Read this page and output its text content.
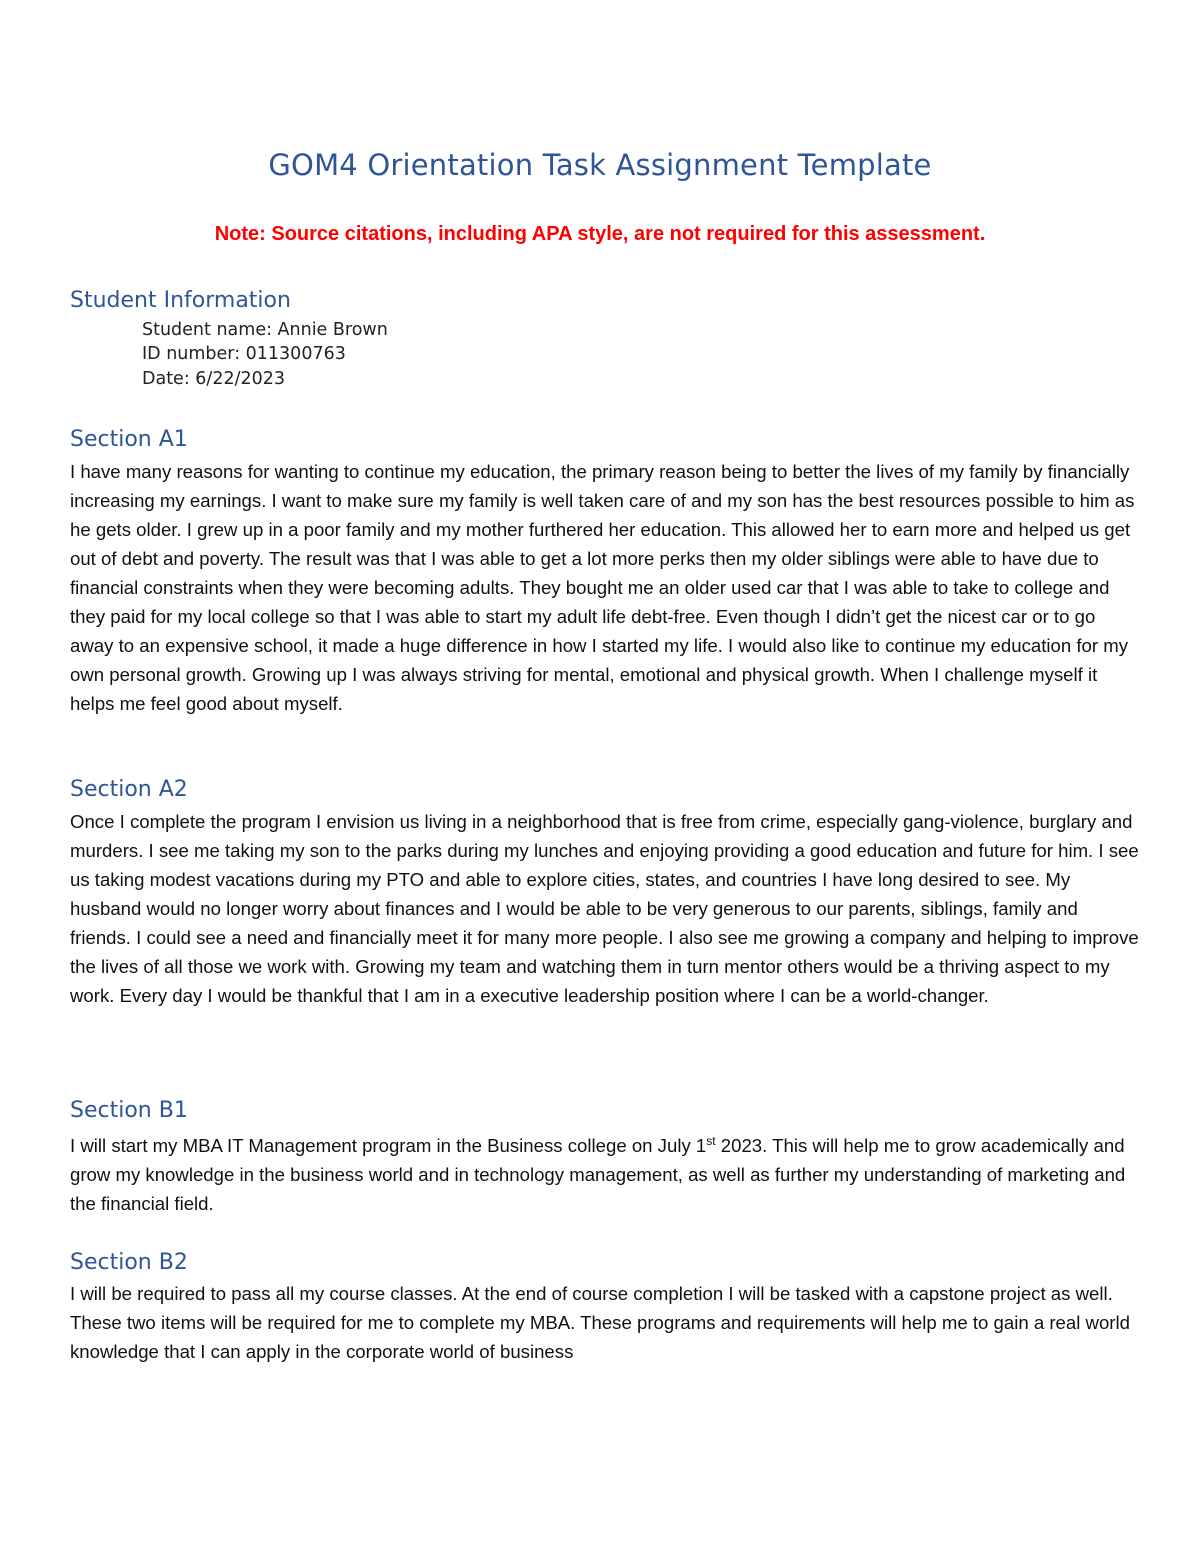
GOM4 Orientation Task Assignment Template

Note: Source citations, including APA style, are not required for this assessment.

Student Information
Student name: Annie Brown
ID number: 011300763
Date: 6/22/2023
Section A1

I have many reasons for wanting to continue my education, the primary reason being to better the lives of my family by financially increasing my earnings. I want to make sure my family is well taken care of and my son has the best resources possible to him as he gets older. I grew up in a poor family and my mother furthered her education. This allowed her to earn more and helped us get out of debt and poverty. The result was that I was able to get a lot more perks then my older siblings were able to have due to financial constraints when they were becoming adults. They bought me an older used car that I was able to take to college and they paid for my local college so that I was able to start my adult life debt-free. Even though I didn’t get the nicest car or to go away to an expensive school, it made a huge difference in how I started my life. I would also like to continue my education for my own personal growth. Growing up I was always striving for mental, emotional and physical growth. When I challenge myself it helps me feel good about myself.

Section A2

Once I complete the program I envision us living in a neighborhood that is free from crime, especially gang-violence, burglary and murders. I see me taking my son to the parks during my lunches and enjoying providing a good education and future for him. I see us taking modest vacations during my PTO and able to explore cities, states, and countries I have long desired to see. My husband would no longer worry about finances and I would be able to be very generous to our parents, siblings, family and friends. I could see a need and financially meet it for many more people. I also see me growing a company and helping to improve the lives of all those we work with. Growing my team and watching them in turn mentor others would be a thriving aspect to my work. Every day I would be thankful that I am in a executive leadership position where I can be a world-changer.

Section B1

I will start my MBA IT Management program in the Business college on July 1st 2023. This will help me to grow academically and grow my knowledge in the business world and in technology management, as well as further my understanding of marketing and the financial field.

Section B2

I will be required to pass all my course classes. At the end of course completion I will be tasked with a capstone project as well. These two items will be required for me to complete my MBA. These programs and requirements will help me to gain a real world knowledge that I can apply in the corporate world of business
